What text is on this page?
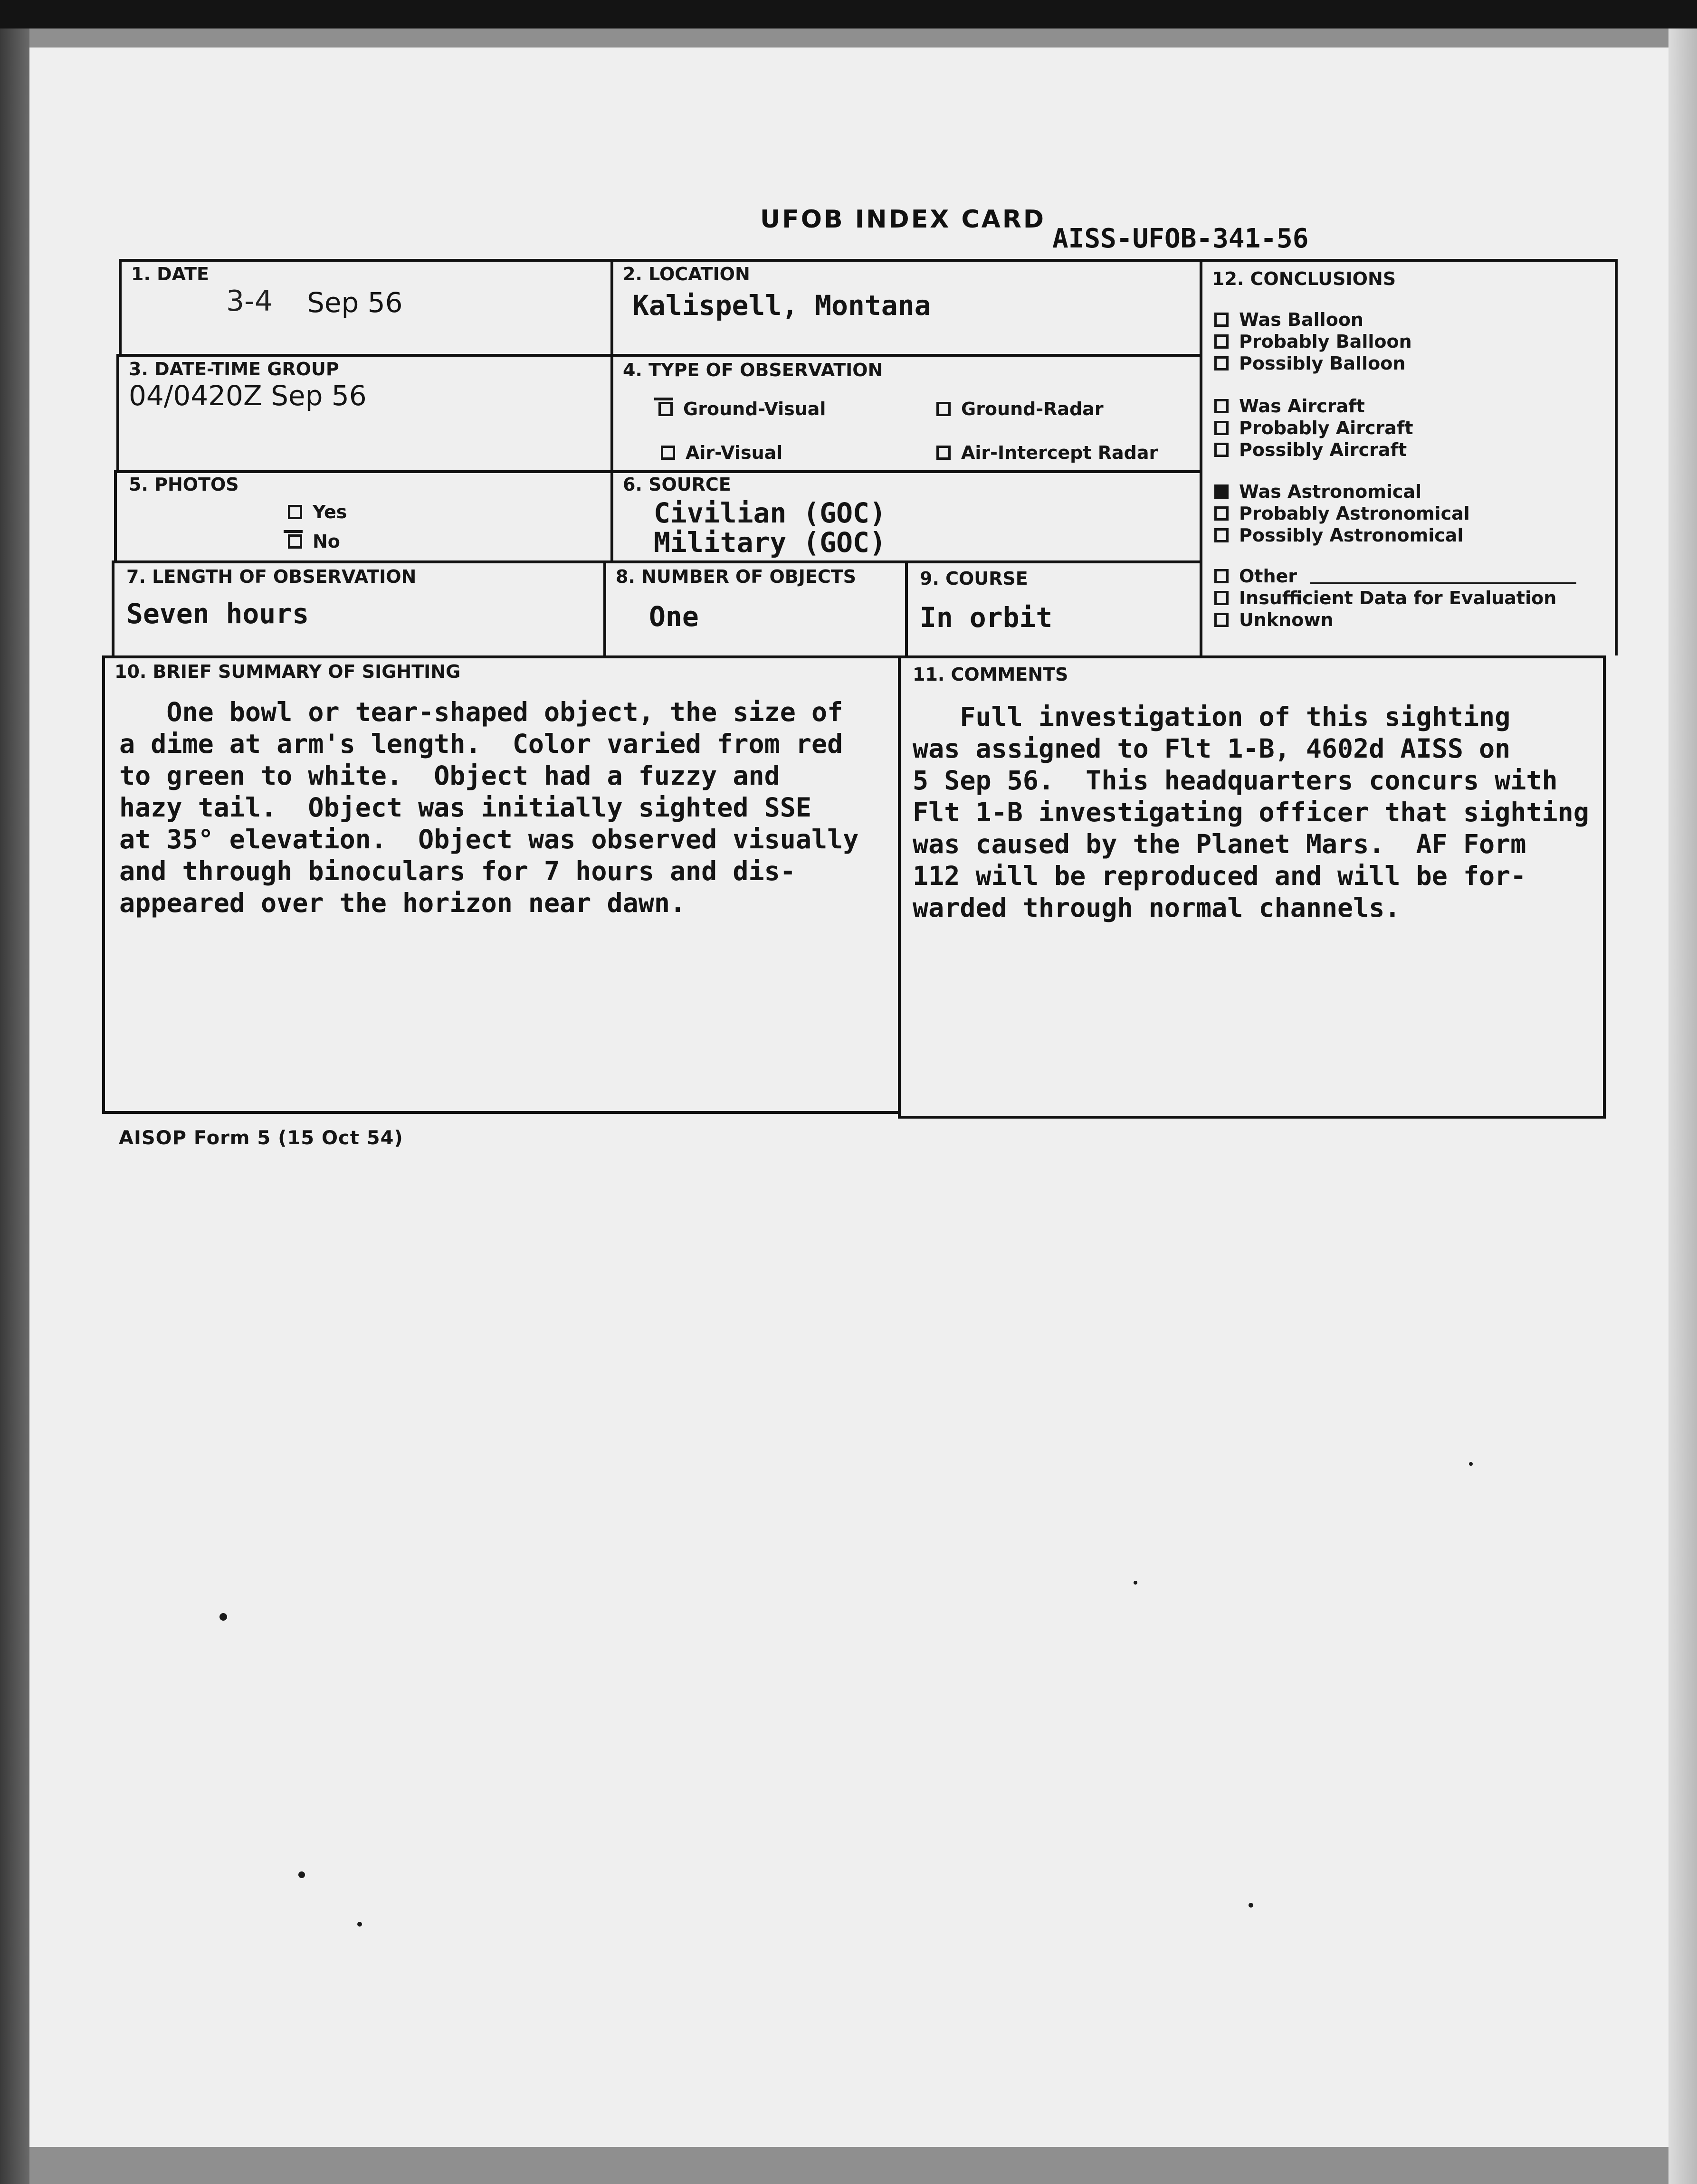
UFOB INDEX CARD
AISS-UFOB-341-56
1. DATE
3-4 Sep 56
2. LOCATION
Kalispell, Montana
3. DATE-TIME GROUP
04/0420Z Sep 56
4. TYPE OF OBSERVATION
Ground-Visual	Ground-Radar
Air-Visual	Air-Intercept Radar
5. PHOTOS
Yes
No
6. SOURCE
Civilian (GOC)
Military (GOC)
7. LENGTH OF OBSERVATION
Seven hours
8. NUMBER OF OBJECTS
One
9. COURSE
In orbit
12. CONCLUSIONS
Was Balloon
Probably Balloon
Possibly Balloon
Was Aircraft
Probably Aircraft
Possibly Aircraft
Was Astronomical
Probably Astronomical
Possibly Astronomical
Other
Insufficient Data for Evaluation
Unknown
10. BRIEF SUMMARY OF SIGHTING
One bowl or tear-shaped object, the size of
a dime at arm's length.  Color varied from red
to green to white.  Object had a fuzzy and
hazy tail.  Object was initially sighted SSE
at 35° elevation.  Object was observed visually
and through binoculars for 7 hours and dis-
appeared over the horizon near dawn.
11. COMMENTS
Full investigation of this sighting
was assigned to Flt 1-B, 4602d AISS on
5 Sep 56.  This headquarters concurs with
Flt 1-B investigating officer that sighting
was caused by the Planet Mars.  AF Form
112 will be reproduced and will be for-
warded through normal channels.
AISOP Form 5 (15 Oct 54)
